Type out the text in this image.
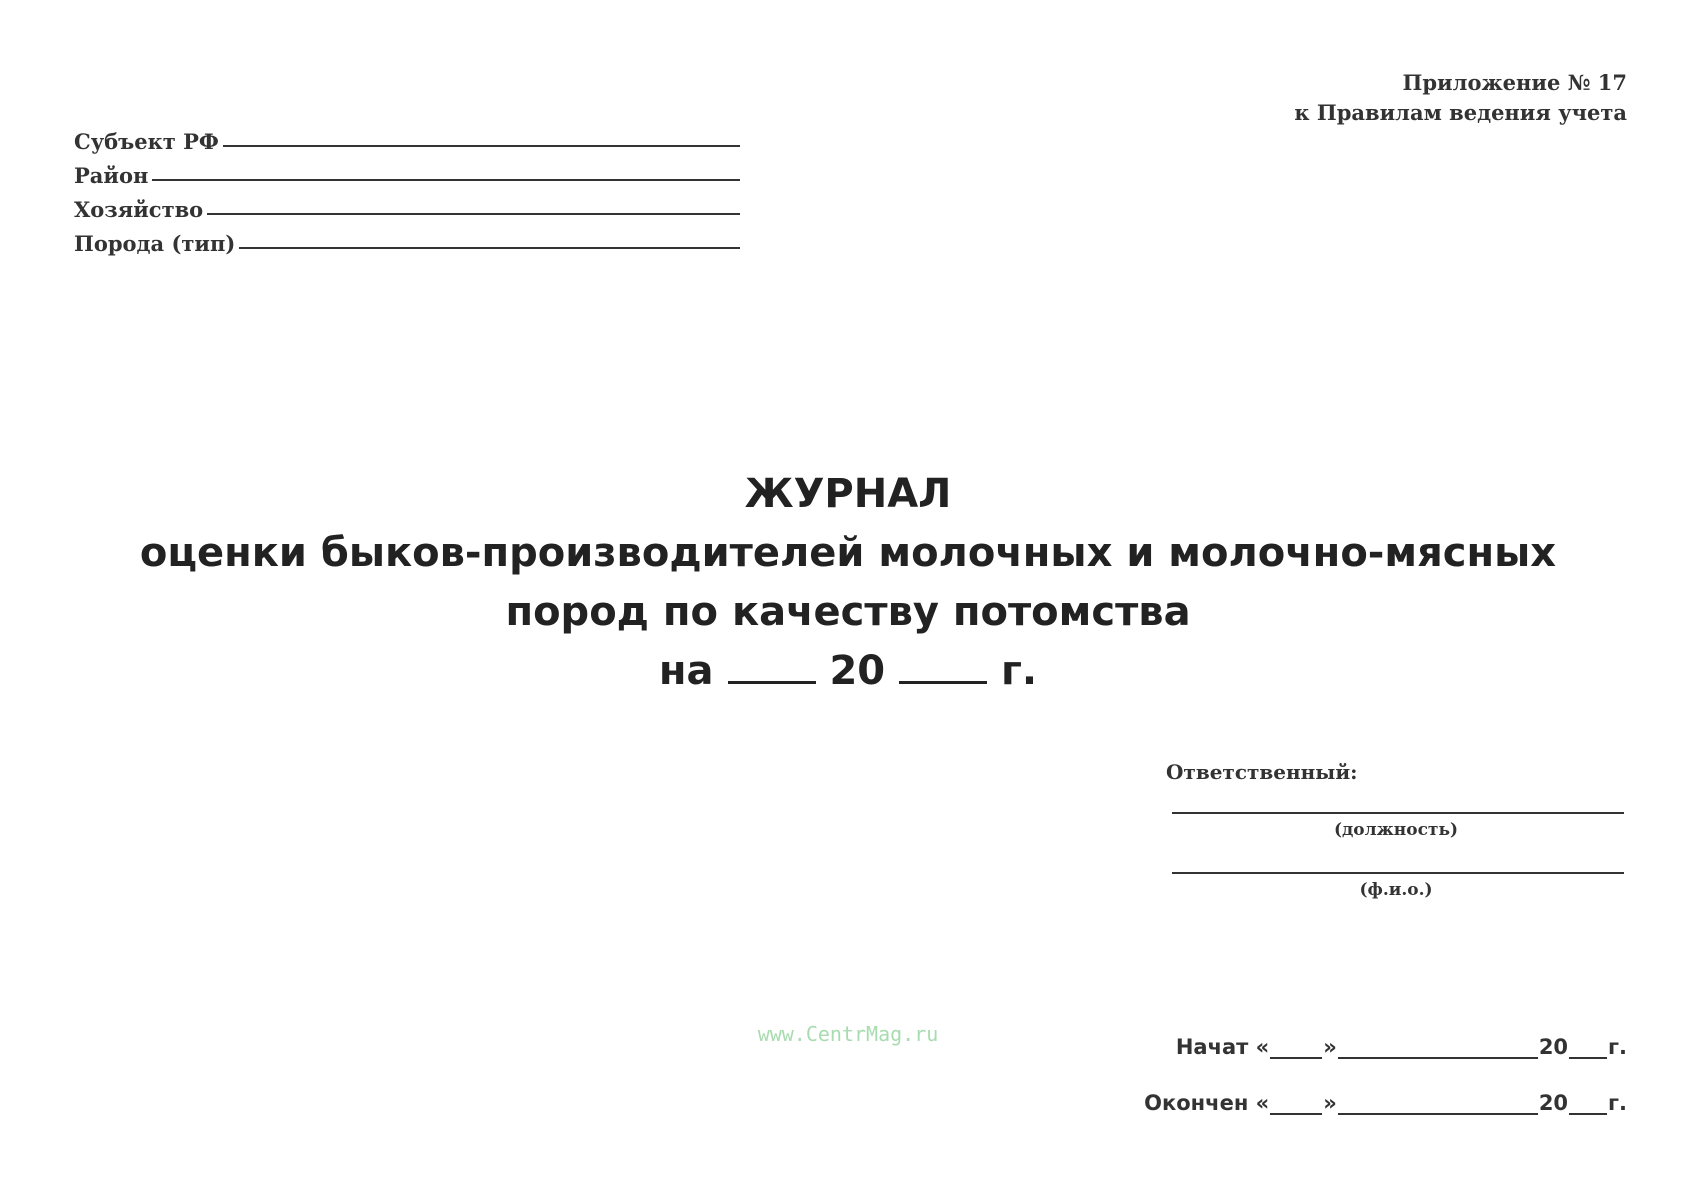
Приложение № 17
к Правилам ведения учета
Субъект РФ
Район
Хозяйство
Порода (тип)
ЖУРНАЛ
оценки быков-производителей молочных и молочно-мясных
пород по качеству потомства
на	20	г.
Ответственный:
(должность)
(ф.и.о.)
www.CentrMag.ru
Начат «	»	20 г.
Окончен «	»	20 г.
